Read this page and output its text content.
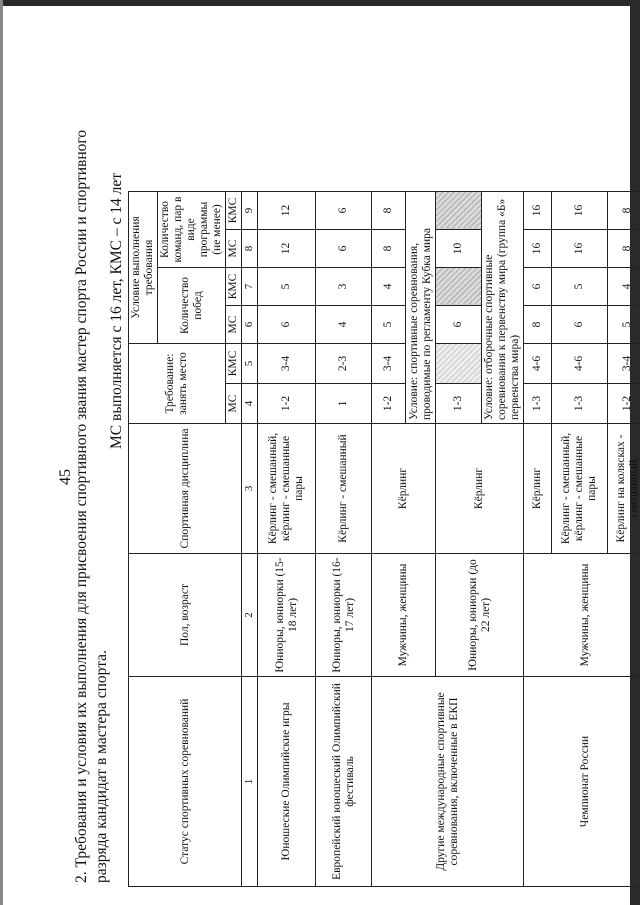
45 2. Требования и условия их выполнения для присвоения спортивного звания мастер спорта России и спортивного разряда кандидат в мастера спорта.
МС выполняется с 16 лет, КМС – с 14 лет
Статус спортивных соревнований	Пол, возраст	Спортивная дисциплина	Требование: занять место		Условие выполнения требования			
					Количество побед		Количество команд, пар в виде программы (не менее)	
			МС	КМС	МС	КМС	МС	КМС
1	2	3	4	5	6	7	8	9
Юношеские Олимпийские игры	Юниоры, юниорки (15-18 лет)	Кёрлинг - смешанный, кёрлинг - смешанные пары	1-2	3-4	6	5	12	12
Европейский юношеский Олимпийский фестиваль	Юниоры, юниорки (16-17 лет)	Кёрлинг - смешанный	1	2-3	4	3	6	6
Другие международные спортивные соревнования, включенные в ЕКП	Мужчины, женщины	Кёрлинг	1-2	3-4	5	4	8	8
			Условие: спортивные соревнования, проводимые по регламенту Кубка мира					
	Юниоры, юниорки (до 22 лет)	Кёрлинг	1-3		6		10	
			Условие: отборочные спортивные соревнования к первенству мира (группа «Б» первенства мира)					
Чемпионат России	Мужчины, женщины	Кёрлинг	1-3	4-6	8	6	16	16
		Кёрлинг - смешанный, кёрлинг - смешанные пары	1-3	4-6	6	5	16	16
		Кёрлинг на колясках - смешанный	1-2	3-4	5	4	8	8
